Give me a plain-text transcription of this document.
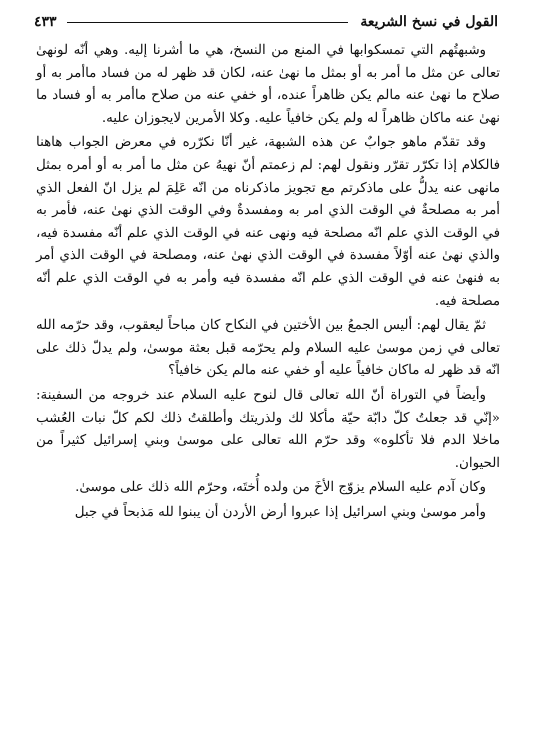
القول في نسخ الشريعة
٤٣٣

وشبهتُهم التي تمسكوابها في المنع من النسخ، هي ما أشرنا إليه. وهي أنّه لونهىٰ تعالى عن مثل ما أمر به أو بمثل ما نهىٰ عنه، لكان قد ظهر له من فساد ماأمر به أو صلاح ما نهىٰ عنه مالم يكن ظاهراً عنده، أو خفي عنه من صلاح ماأمر به أو فساد ما نهىٰ عنه ماكان ظاهراً له ولم يكن خافياً عليه. وكلا الأمرين لايجوزان عليه.

وقد تقدّم ماهو جوابٌ عن هذه الشبهة، غير أنّا نكرّره في معرض الجواب هاهنا فالكلام إذا تكرّر تقرّر ونقول لهم: لم زعمتم أنّ نهيهُ عن مثل ما أمر به أو أمره بمثل مانهى عنه يدلُّ على ماذكرتم مع تجويز ماذكرناه من انّه عَلِمَ لم يزل انّ الفعل الذي أمر به مصلحةٌ في الوقت الذي امر به ومفسدةٌ وفي الوقت الذي نهىٰ عنه، فأمر به في الوقت الذي علم انّه مصلحة فيه ونهى عنه في الوقت الذي علم أنّه مفسدة فيه، والذي نهىٰ عنه أوّلاً مفسدة في الوقت الذي نهىٰ عنه، ومصلحة في الوقت الذي أمر به فنهىٰ عنه في الوقت الذي علم انّه مفسدة فيه وأمر به في الوقت الذي علم أنّه مصلحة فيه.

ثمّ يقال لهم: أليس الجمعُ بين الأختين في النكاح كان مباحاً ليعقوب، وقد حرّمه الله تعالى في زمن موسىٰ عليه السلام ولم يحرّمه قبل بعثة موسىٰ، ولم يدلّ ذلك على انّه قد ظهر له ماكان خافياً عليه أو خفي عنه مالم يكن خافياً؟

وأيضاً في التوراة أنّ الله تعالى قال لنوح عليه السلام عند خروجه من السفينة: «إنّي قد جعلتُ كلّ دابّة حيّة مأكلا لك ولذريتك وأطلقتُ ذلك لكم كلّ نبات العُشب ماخلا الدم فلا تأكلوه» وقد حرّم الله تعالى على موسىٰ وبني إسرائيل كثيراً من الحيوان.

وكان آدم عليه السلام يزوّج الأخَ من ولده أُختَه، وحرّم الله ذلك على موسىٰ.

وأمر موسىٰ وبني اسرائيل إذا عبروا أرض الأردن أن يبنوا لله مَذبحاً في جبل
